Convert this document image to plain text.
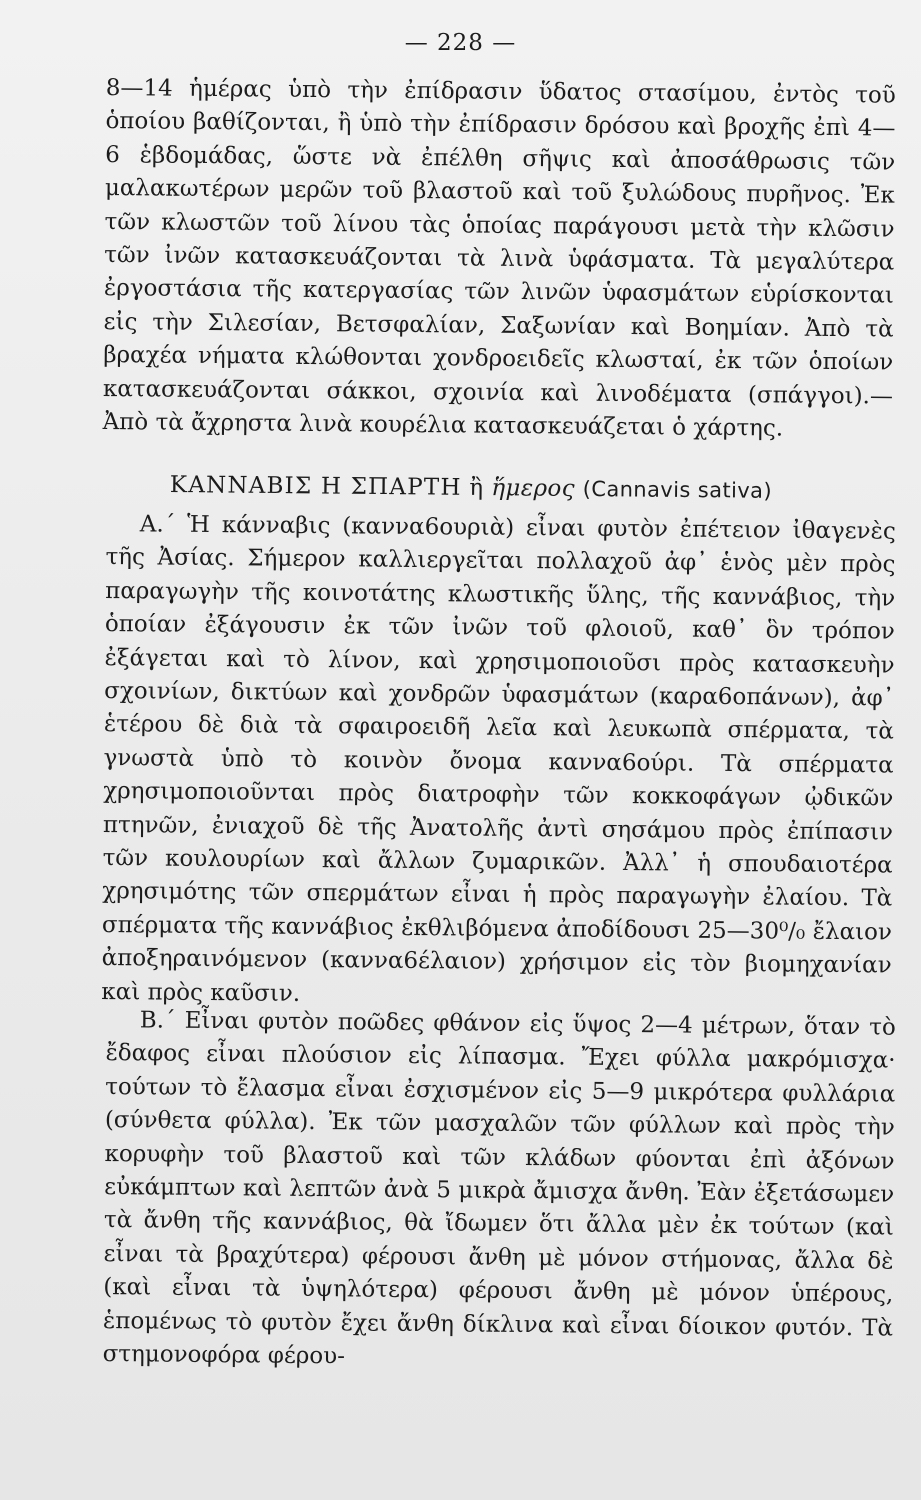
— 228 —

8—14 ἡμέρας ὑπὸ τὴν ἐπίδρασιν ὕδατος στασίμου, ἐντὸς τοῦ ὁποίου βαθίζονται, ἢ ὑπὸ τὴν ἐπίδρασιν δρόσου καὶ βροχῆς ἐπὶ 4—6 ἑβδομάδας, ὥστε νὰ ἐπέλθη σῆψις καὶ ἀποσάθρωσις τῶν μαλακωτέρων μερῶν τοῦ βλαστοῦ καὶ τοῦ ξυλώδους πυρῆνος. Ἐκ τῶν κλωστῶν τοῦ λίνου τὰς ὁποίας παράγουσι μετὰ τὴν κλῶσιν τῶν ἰνῶν κατασκευάζονται τὰ λινὰ ὑφάσματα. Τὰ μεγαλύτερα ἐργοστάσια τῆς κατεργασίας τῶν λινῶν ὑφασμάτων εὑρίσκονται εἰς τὴν Σιλεσίαν, Βετσφαλίαν, Σαξωνίαν καὶ Βοημίαν. Ἀπὸ τὰ βραχέα νήματα κλώθονται χονδροειδεῖς κλωσταί, ἐκ τῶν ὁποίων κατασκευάζονται σάκκοι, σχοινία καὶ λινοδέματα (σπάγγοι).—Ἀπὸ τὰ ἄχρηστα λινὰ κουρέλια κατασκευάζεται ὁ χάρτης.

ΚΑΝΝΑΒΙΣ Η ΣΠΑΡΤΗ ἢ ἥμερος (Cannavis sativa)

Α.΄ Ἡ κάνναβις (καννα6ουριὰ) εἶναι φυτὸν ἐπέτειον ἰθαγενὲς τῆς Ἀσίας. Σήμερον καλλιεργεῖται πολλαχοῦ ἀφ᾽ ἑνὸς μὲν πρὸς παραγωγὴν τῆς κοινοτάτης κλωστικῆς ὕλης, τῆς καννάβιος, τὴν ὁποίαν ἐξάγουσιν ἐκ τῶν ἰνῶν τοῦ φλοιοῦ, καθ᾽ ὃν τρόπον ἐξάγεται καὶ τὸ λίνον, καὶ χρησιμοποιοῦσι πρὸς κατασκευὴν σχοινίων, δικτύων καὶ χονδρῶν ὑφασμάτων (καρα6οπάνων), ἀφ᾽ ἑτέρου δὲ διὰ τὰ σφαιροειδῆ λεῖα καὶ λευκωπὰ σπέρματα, τὰ γνωστὰ ὑπὸ τὸ κοινὸν ὄνομα καννα6ούρι. Τὰ σπέρματα χρησιμοποιοῦνται πρὸς διατροφὴν τῶν κοκκοφάγων ᾠδικῶν πτηνῶν, ἐνιαχοῦ δὲ τῆς Ἀνατολῆς ἀντὶ σησάμου πρὸς ἐπίπασιν τῶν κουλουρίων καὶ ἄλλων ζυμαρικῶν. Ἀλλ᾽ ἡ σπουδαιοτέρα χρησιμότης τῶν σπερμάτων εἶναι ἡ πρὸς παραγωγὴν ἐλαίου. Τὰ σπέρματα τῆς καννάβιος ἐκθλιβόμενα ἀποδίδουσι 25—30⁰/₀ ἔλαιον ἀποξηραινόμενον (καννα6έλαιον) χρήσιμον εἰς τὸν βιομηχανίαν καὶ πρὸς καῦσιν.

Β.΄ Εἶναι φυτὸν ποῶδες φθάνον εἰς ὕψος 2—4 μέτρων, ὅταν τὸ ἔδαφος εἶναι πλούσιον εἰς λίπασμα. Ἔχει φύλλα μακρόμισχα· τούτων τὸ ἔλασμα εἶναι ἐσχισμένον εἰς 5—9 μικρότερα φυλλάρια (σύνθετα φύλλα). Ἐκ τῶν μασχαλῶν τῶν φύλλων καὶ πρὸς τὴν κορυφὴν τοῦ βλαστοῦ καὶ τῶν κλάδων φύονται ἐπὶ ἀξόνων εὐκάμπτων καὶ λεπτῶν ἀνὰ 5 μικρὰ ἄμισχα ἄνθη. Ἐὰν ἐξετάσωμεν τὰ ἄνθη τῆς καννάβιος, θὰ ἴδωμεν ὅτι ἄλλα μὲν ἐκ τούτων (καὶ εἶναι τὰ βραχύτερα) φέρουσι ἄνθη μὲ μόνον στήμονας, ἄλλα δὲ (καὶ εἶναι τὰ ὑψηλότερα) φέρουσι ἄνθη μὲ μόνον ὑπέρους, ἑπομένως τὸ φυτὸν ἔχει ἄνθη δίκλινα καὶ εἶναι δίοικον φυτόν. Τὰ στημονοφόρα φέρου-
